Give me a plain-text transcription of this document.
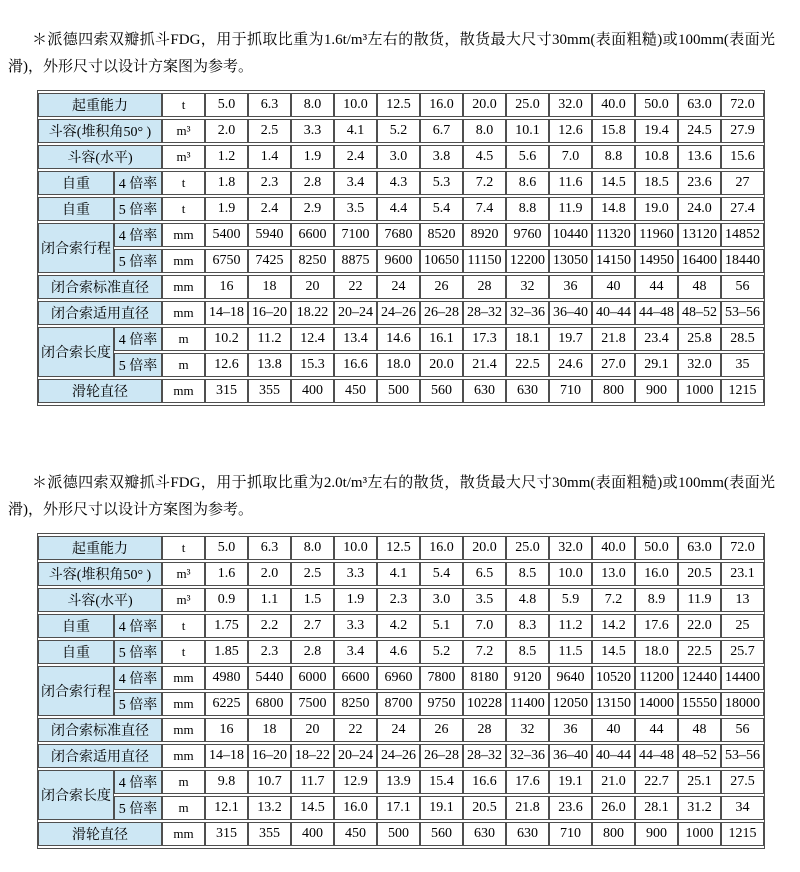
＊派德四索双瓣抓斗FDG，用于抓取比重为1.6t/m³左右的散货，散货最大尺寸30mm(表面粗糙)或100mm(表面光滑)，外形尺寸以设计方案图为参考。

起重能力		t	5.0	6.3	8.0	10.0	12.5	16.0	20.0	25.0	32.0	40.0	50.0	63.0	72.0
斗容(堆积角50° )		m³	2.0	2.5	3.3	4.1	5.2	6.7	8.0	10.1	12.6	15.8	19.4	24.5	27.9
斗容(水平)		m³	1.2	1.4	1.9	2.4	3.0	3.8	4.5	5.6	7.0	8.8	10.8	13.6	15.6
自重	4 倍率	t	1.8	2.3	2.8	3.4	4.3	5.3	7.2	8.6	11.6	14.5	18.5	23.6	27
自重	5 倍率	t	1.9	2.4	2.9	3.5	4.4	5.4	7.4	8.8	11.9	14.8	19.0	24.0	27.4
闭合索行程	4 倍率	mm	5400	5940	6600	7100	7680	8520	8920	9760	10440	11320	11960	13120	14852
	5 倍率	mm	6750	7425	8250	8875	9600	10650	11150	12200	13050	14150	14950	16400	18440
闭合索标准直径		mm	16	18	20	22	24	26	28	32	36	40	44	48	56
闭合索适用直径		mm	14–18	16–20	18.22	20–24	24–26	26–28	28–32	32–36	36–40	40–44	44–48	48–52	53–56
闭合索长度	4 倍率	m	10.2	11.2	12.4	13.4	14.6	16.1	17.3	18.1	19.7	21.8	23.4	25.8	28.5
	5 倍率	m	12.6	13.8	15.3	16.6	18.0	20.0	21.4	22.5	24.6	27.0	29.1	32.0	35
滑轮直径		mm	315	355	400	450	500	560	630	630	710	800	900	1000	1215

＊派德四索双瓣抓斗FDG，用于抓取比重为2.0t/m³左右的散货，散货最大尺寸30mm(表面粗糙)或100mm(表面光滑)，外形尺寸以设计方案图为参考。

起重能力		t	5.0	6.3	8.0	10.0	12.5	16.0	20.0	25.0	32.0	40.0	50.0	63.0	72.0
斗容(堆积角50° )		m³	1.6	2.0	2.5	3.3	4.1	5.4	6.5	8.5	10.0	13.0	16.0	20.5	23.1
斗容(水平)		m³	0.9	1.1	1.5	1.9	2.3	3.0	3.5	4.8	5.9	7.2	8.9	11.9	13
自重	4 倍率	t	1.75	2.2	2.7	3.3	4.2	5.1	7.0	8.3	11.2	14.2	17.6	22.0	25
自重	5 倍率	t	1.85	2.3	2.8	3.4	4.6	5.2	7.2	8.5	11.5	14.5	18.0	22.5	25.7
闭合索行程	4 倍率	mm	4980	5440	6000	6600	6960	7800	8180	9120	9640	10520	11200	12440	14400
	5 倍率	mm	6225	6800	7500	8250	8700	9750	10228	11400	12050	13150	14000	15550	18000
闭合索标准直径		mm	16	18	20	22	24	26	28	32	36	40	44	48	56
闭合索适用直径		mm	14–18	16–20	18–22	20–24	24–26	26–28	28–32	32–36	36–40	40–44	44–48	48–52	53–56
闭合索长度	4 倍率	m	9.8	10.7	11.7	12.9	13.9	15.4	16.6	17.6	19.1	21.0	22.7	25.1	27.5
	5 倍率	m	12.1	13.2	14.5	16.0	17.1	19.1	20.5	21.8	23.6	26.0	28.1	31.2	34
滑轮直径		mm	315	355	400	450	500	560	630	630	710	800	900	1000	1215
